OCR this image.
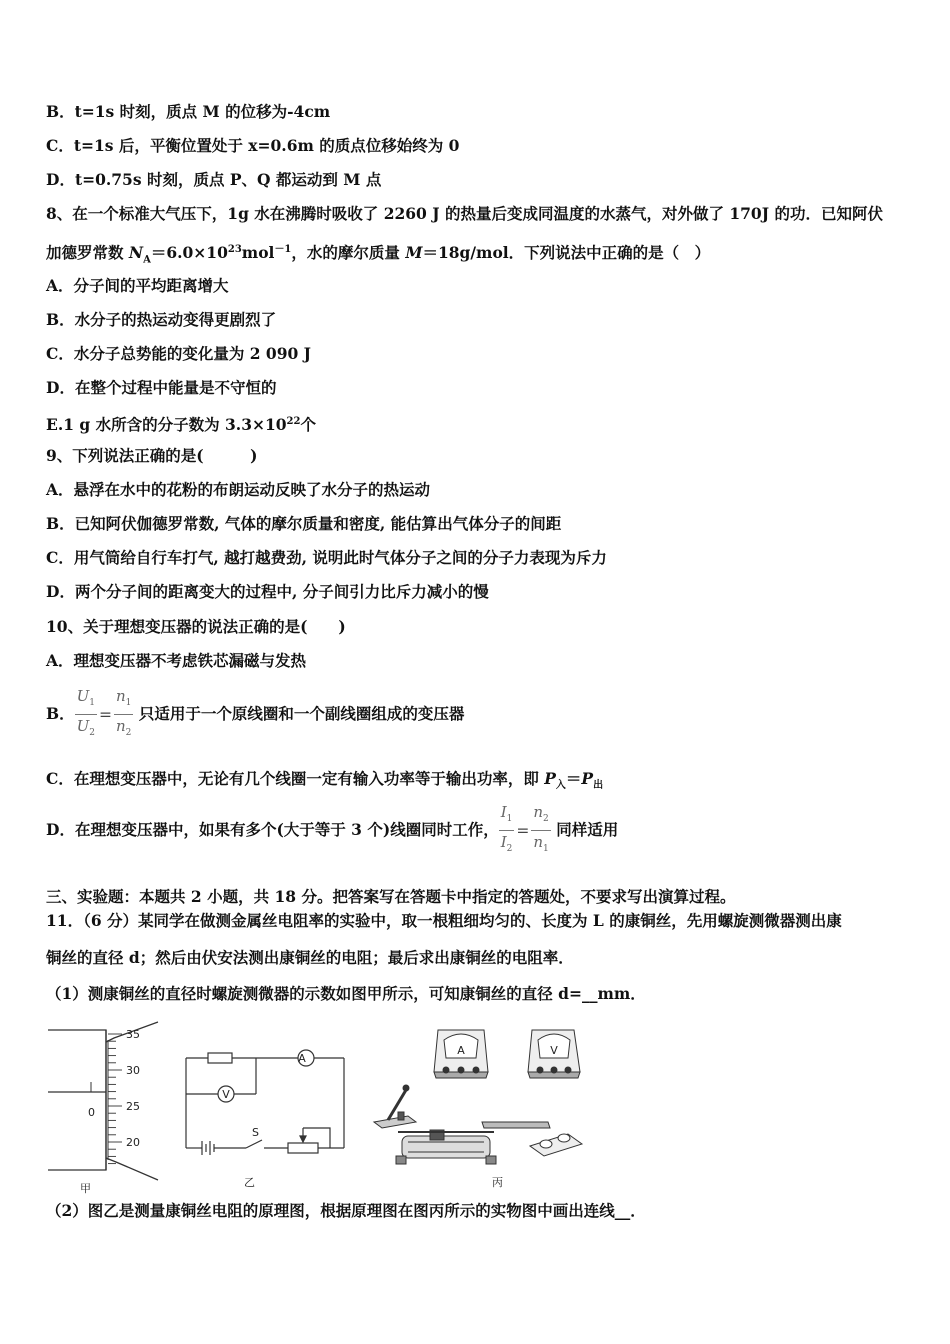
B．t=1s 时刻，质点 M 的位移为-4cm
C．t=1s 后，平衡位置处于 x=0.6m 的质点位移始终为 0
D．t=0.75s 时刻，质点 P、Q 都运动到 M 点
8、在一个标准大气压下，1g 水在沸腾时吸收了 2260 J 的热量后变成同温度的水蒸气，对外做了 170J 的功．已知阿伏
加德罗常数 $N_A=6.0\times 10^{23}mol^{-1}$，水的摩尔质量 M＝18g/mol．下列说法中正确的是（　）
A．分子间的平均距离增大
B．水分子的热运动变得更剧烈了
C．水分子总势能的变化量为 2 090 J
D．在整个过程中能量是不守恒的
E.1 g 水所含的分子数为 $3.3\times 10^{22}$个
9、下列说法正确的是(　　　)
A．悬浮在水中的花粉的布朗运动反映了水分子的热运动
B．已知阿伏伽德罗常数, 气体的摩尔质量和密度, 能估算出气体分子的间距
C．用气筒给自行车打气, 越打越费劲, 说明此时气体分子之间的分子力表现为斥力
D．两个分子间的距离变大的过程中, 分子间引力比斥力减小的慢
10、关于理想变压器的说法正确的是(　　)
A．理想变压器不考虑铁芯漏磁与发热
B． $\frac{U_1}{U_2} = \frac{n_1}{n_2}$ 只适用于一个原线圈和一个副线圈组成的变压器
C．在理想变压器中，无论有几个线圈一定有输入功率等于输出功率，即 $P_入=P_出$
D．在理想变压器中，如果有多个(大于等于 3 个)线圈同时工作， $\frac{I_1}{I_2} = \frac{n_2}{n_1}$ 同样适用
三、实验题：本题共 2 小题，共 18 分。把答案写在答题卡中指定的答题处，不要求写出演算过程。
11．（6 分）某同学在做测金属丝电阻率的实验中，取一根粗细均匀的、长度为 L 的康铜丝，先用螺旋测微器测出康
铜丝的直径 d；然后由伏安法测出康铜丝的电阻；最后求出康铜丝的电阻率．
（1）测康铜丝的直径时螺旋测微器的示数如图甲所示，可知康铜丝的直径 d=__mm．
0
35
30
25
20
甲
A
V
S
乙
A	V
丙
（2）图乙是测量康铜丝电阻的原理图，根据原理图在图丙所示的实物图中画出连线__．
